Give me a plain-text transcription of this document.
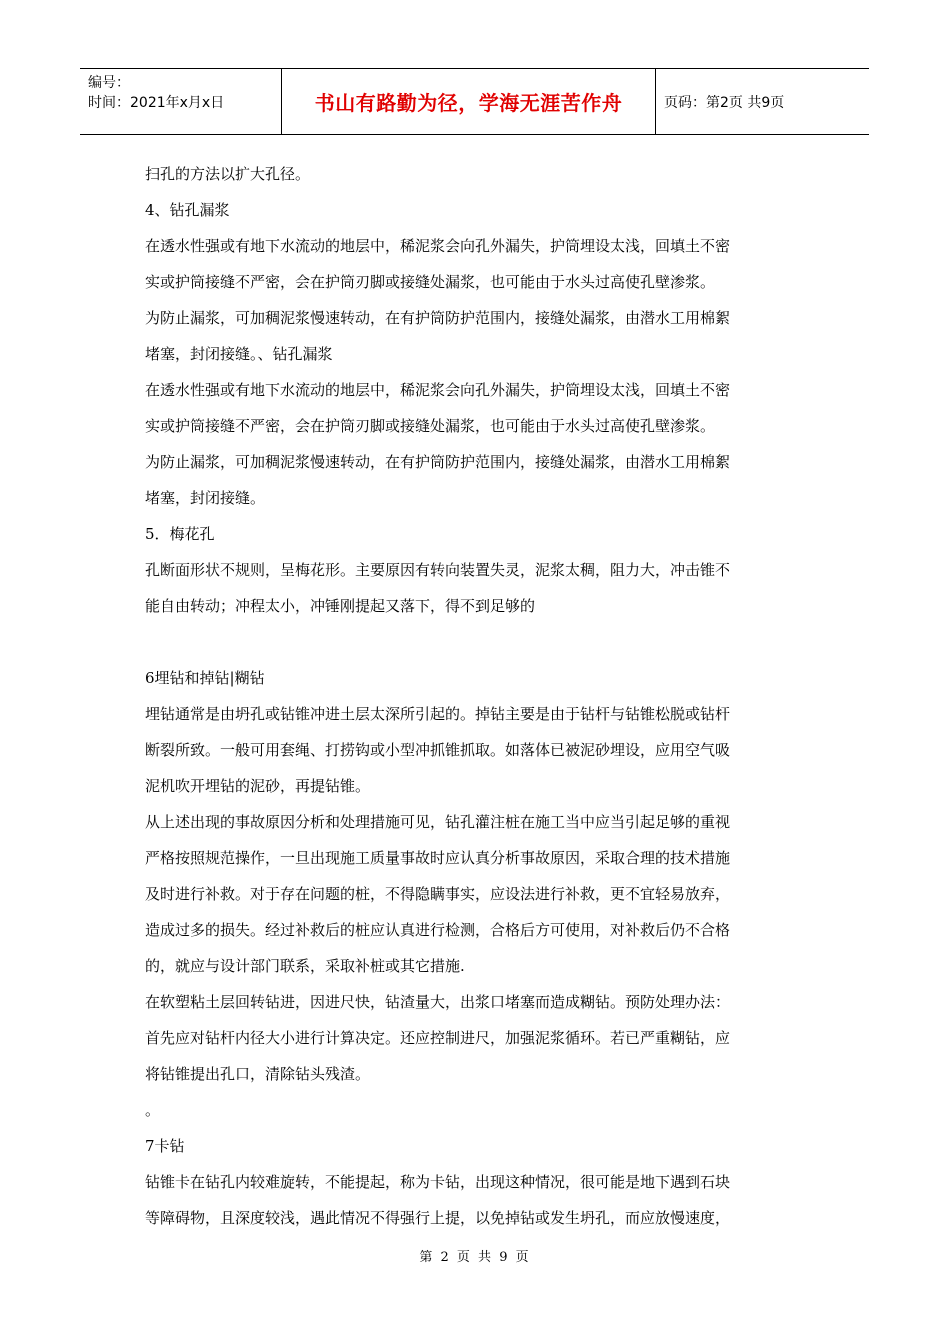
编号：
时间：2021年x月x日	书山有路勤为径，学海无涯苦作舟	页码：第2页 共9页

扫孔的方法以扩大孔径。

4、钻孔漏浆

在透水性强或有地下水流动的地层中，稀泥浆会向孔外漏失，护筒埋设太浅，回填土不密

实或护筒接缝不严密，会在护筒刃脚或接缝处漏浆，也可能由于水头过高使孔壁渗浆。

为防止漏浆，可加稠泥浆慢速转动，在有护筒防护范围内，接缝处漏浆，由潜水工用棉絮

堵塞，封闭接缝。、钻孔漏浆

在透水性强或有地下水流动的地层中，稀泥浆会向孔外漏失，护筒埋设太浅，回填土不密

实或护筒接缝不严密，会在护筒刃脚或接缝处漏浆，也可能由于水头过高使孔壁渗浆。

为防止漏浆，可加稠泥浆慢速转动，在有护筒防护范围内，接缝处漏浆，由潜水工用棉絮

堵塞，封闭接缝。

5．梅花孔

孔断面形状不规则，呈梅花形。主要原因有转向装置失灵，泥浆太稠，阻力大，冲击锥不

能自由转动；冲程太小，冲锤刚提起又落下，得不到足够的

6埋钻和掉钻|糊钻

埋钻通常是由坍孔或钻锥冲进土层太深所引起的。掉钻主要是由于钻杆与钻锥松脱或钻杆

断裂所致。一般可用套绳、打捞钩或小型冲抓锥抓取。如落体已被泥砂埋设，应用空气吸

泥机吹开埋钻的泥砂，再提钻锥。

从上述出现的事故原因分析和处理措施可见，钻孔灌注桩在施工当中应当引起足够的重视

严格按照规范操作，一旦出现施工质量事故时应认真分析事故原因，采取合理的技术措施

及时进行补救。对于存在问题的桩，不得隐瞒事实，应设法进行补救，更不宜轻易放弃，

造成过多的损失。经过补救后的桩应认真进行检测，合格后方可使用，对补救后仍不合格

的，就应与设计部门联系，采取补桩或其它措施.

在软塑粘土层回转钻进，因进尺快，钻渣量大，出浆口堵塞而造成糊钻。预防处理办法：

首先应对钻杆内径大小进行计算决定。还应控制进尺，加强泥浆循环。若已严重糊钻，应

将钻锥提出孔口，清除钻头残渣。

。

7卡钻

钻锥卡在钻孔内较难旋转，不能提起，称为卡钻，出现这种情况，很可能是地下遇到石块

等障碍物，且深度较浅，遇此情况不得强行上提，以免掉钻或发生坍孔，而应放慢速度，

第 2 页 共 9 页
